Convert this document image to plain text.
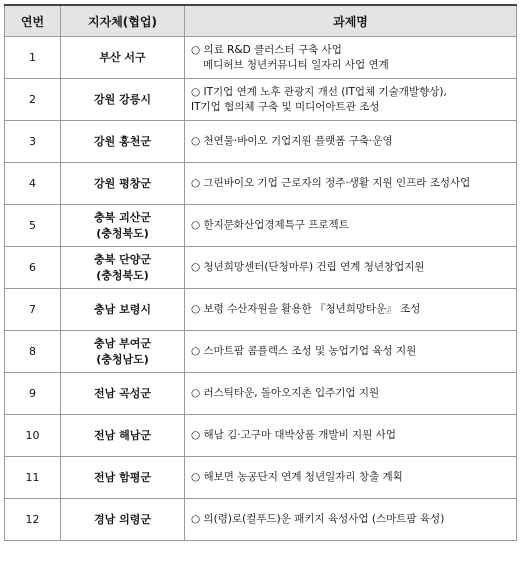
연번	지자체(협업)	과제명
1	부산 서구	○ 의료 R&D 클러스터 구축 사업
메디허브 청년커뮤니티 일자리 사업 연계

2	강원 강릉시	○ IT기업 연계 노후 관광지 개선 (IT업체 기술개발향상),
IT기업 협의체 구축 및 미디어아트관 조성

3	강원 홍천군	○ 천연물·바이오 기업지원 플랫폼 구축·운영

4	강원 평창군	○ 그린바이오 기업 근로자의 정주·생활 지원 인프라 조성사업

5	충북 괴산군
(충청북도)	○ 한지문화산업경제특구 프로젝트

6	충북 단양군
(충청북도)	○ 청년희망센터(단청마루) 건립 연계 청년창업지원

7	충남 보령시	○ 보령 수산자원을 활용한 『청년희망타운』 조성

8	충남 부여군
(충청남도)	○ 스마트팜 콤플렉스 조성 및 농업기업 육성 지원

9	전남 곡성군	○ 러스틱타운, 돌아오지촌 입주기업 지원

10	전남 해남군	○ 해남 김·고구마 대박상품 개발비 지원 사업

11	전남 함평군	○ 해보면 농공단지 연계 청년일자리 창출 계획

12	경남 의령군	○ 의(령)로(컬푸드)운 패키지 육성사업 (스마트팜 육성)
